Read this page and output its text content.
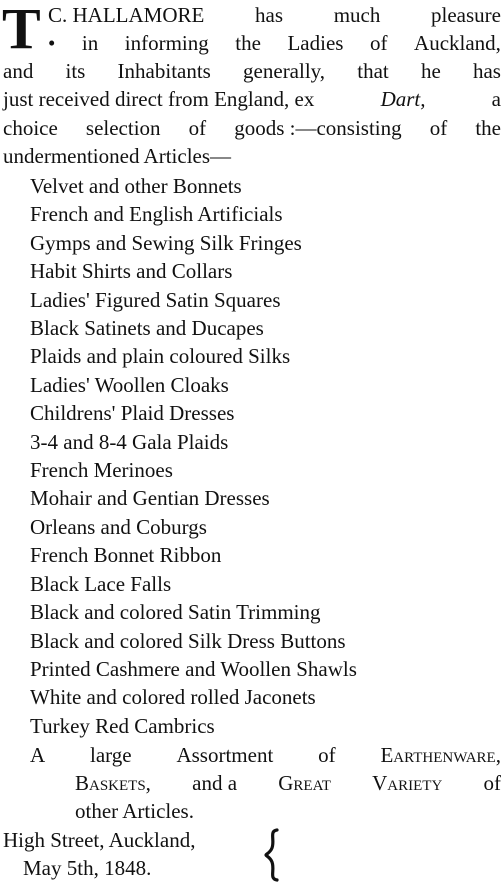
T C. HALLAMORE has much pleasure
• in informing the Ladies of Auckland,
and its Inhabitants generally, that he has
just received direct from England, ex	Dart,	a
choice selection of goods :—consisting of the
undermentioned Articles—
Velvet and other Bonnets
French and English Artificials
Gymps and Sewing Silk Fringes
Habit Shirts and Collars
Ladies' Figured Satin Squares
Black Satinets and Ducapes
Plaids and plain coloured Silks
Ladies' Woollen Cloaks
Childrens' Plaid Dresses
3-4 and 8-4 Gala Plaids
French Merinoes
Mohair and Gentian Dresses
Orleans and Coburgs
French Bonnet Ribbon
Black Lace Falls
Black and colored Satin Trimming
Black and colored Silk Dress Buttons
Printed Cashmere and Woollen Shawls
White and colored rolled Jaconets
Turkey Red Cambrics
A large Assortment of Earthenware,
Baskets, and a Great Variety of
other Articles.
High Street, Auckland,
May 5th, 1848.
